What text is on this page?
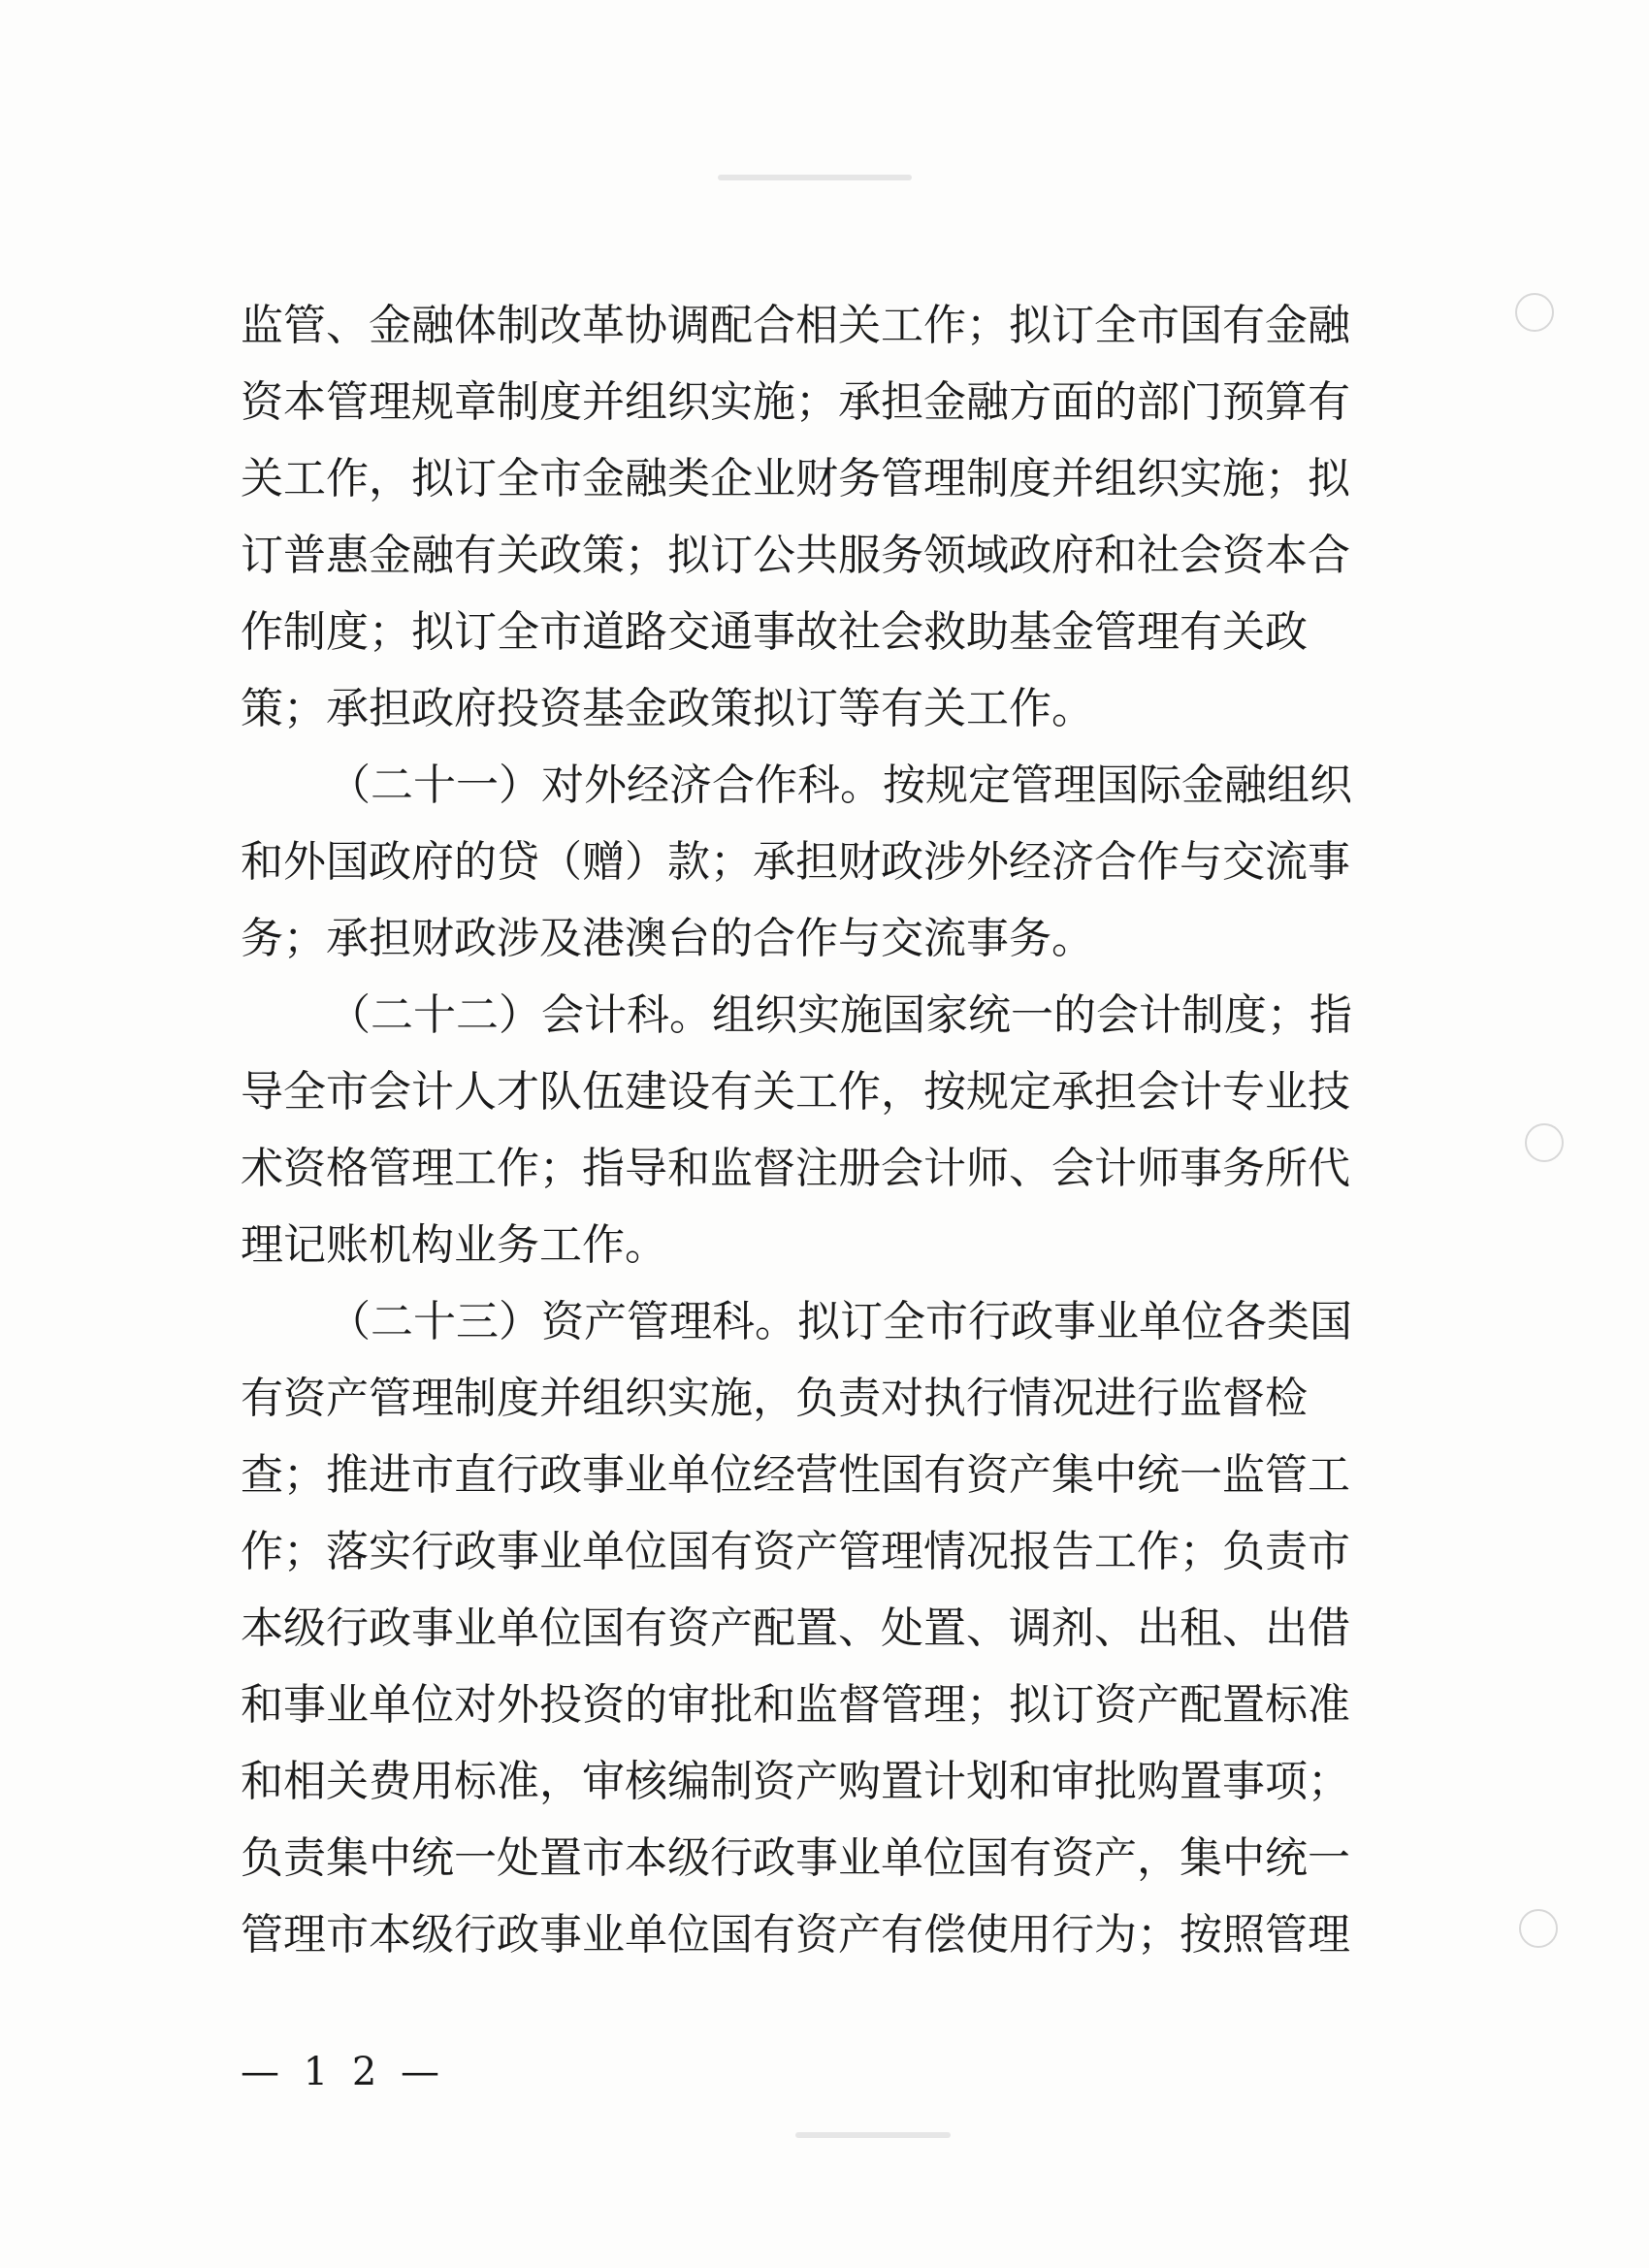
监管、金融体制改革协调配合相关工作；拟订全市国有金融
资本管理规章制度并组织实施；承担金融方面的部门预算有
关工作，拟订全市金融类企业财务管理制度并组织实施；拟
订普惠金融有关政策；拟订公共服务领域政府和社会资本合
作制度；拟订全市道路交通事故社会救助基金管理有关政
策；承担政府投资基金政策拟订等有关工作。
（二十一）对外经济合作科。按规定管理国际金融组织
和外国政府的贷（赠）款；承担财政涉外经济合作与交流事
务；承担财政涉及港澳台的合作与交流事务。
（二十二）会计科。组织实施国家统一的会计制度；指
导全市会计人才队伍建设有关工作，按规定承担会计专业技
术资格管理工作；指导和监督注册会计师、会计师事务所代
理记账机构业务工作。
（二十三）资产管理科。拟订全市行政事业单位各类国
有资产管理制度并组织实施，负责对执行情况进行监督检
查；推进市直行政事业单位经营性国有资产集中统一监管工
作；落实行政事业单位国有资产管理情况报告工作；负责市
本级行政事业单位国有资产配置、处置、调剂、出租、出借
和事业单位对外投资的审批和监督管理；拟订资产配置标准
和相关费用标准，审核编制资产购置计划和审批购置事项；
负责集中统一处置市本级行政事业单位国有资产，集中统一
管理市本级行政事业单位国有资产有偿使用行为；按照管理
— 1 2 —
